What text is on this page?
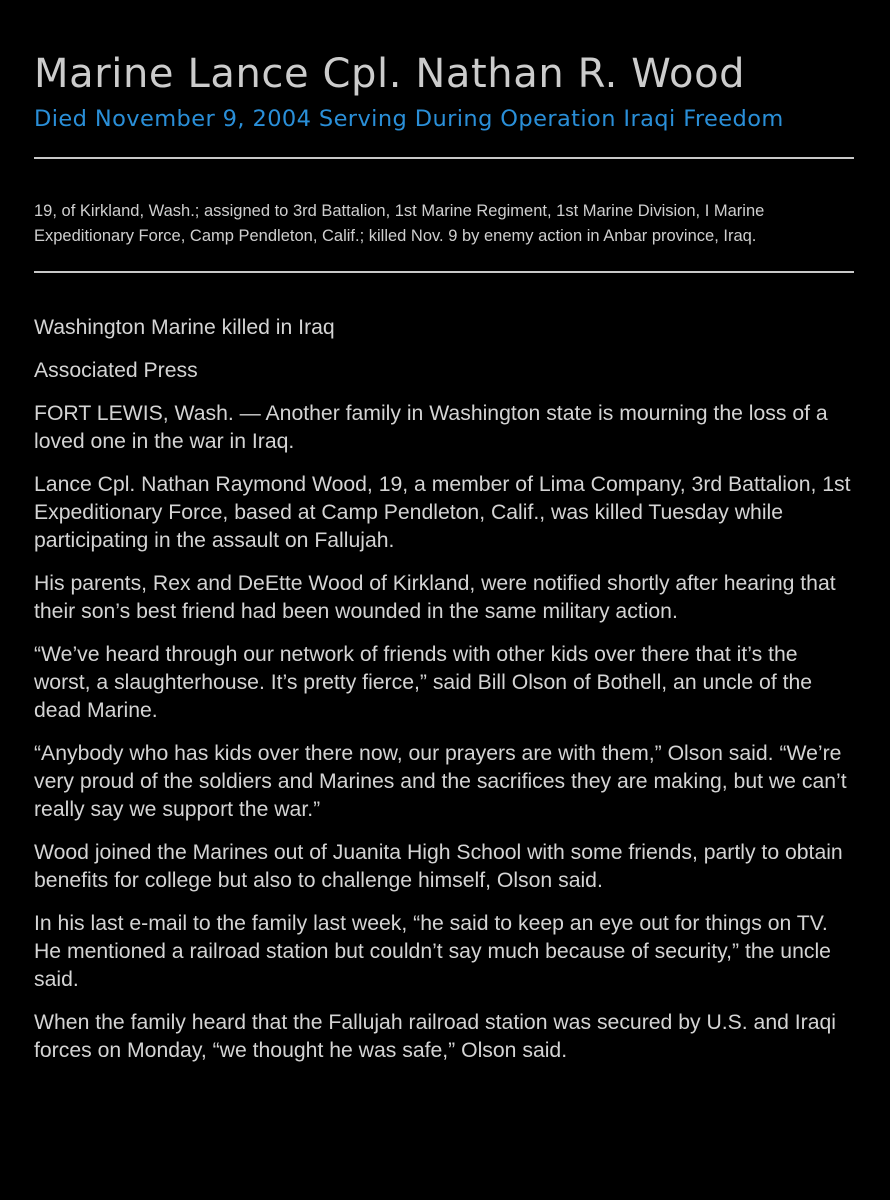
Marine Lance Cpl. Nathan R. Wood
Died November 9, 2004 Serving During Operation Iraqi Freedom

19, of Kirkland, Wash.; assigned to 3rd Battalion, 1st Marine Regiment, 1st Marine Division, I Marine Expeditionary Force, Camp Pendleton, Calif.; killed Nov. 9 by enemy action in Anbar province, Iraq.

Washington Marine killed in Iraq

Associated Press

FORT LEWIS, Wash. — Another family in Washington state is mourning the loss of a loved one in the war in Iraq.

Lance Cpl. Nathan Raymond Wood, 19, a member of Lima Company, 3rd Battalion, 1st Expeditionary Force, based at Camp Pendleton, Calif., was killed Tuesday while participating in the assault on Fallujah.

His parents, Rex and DeEtte Wood of Kirkland, were notified shortly after hearing that their son’s best friend had been wounded in the same military action.

“We’ve heard through our network of friends with other kids over there that it’s the worst, a slaughterhouse. It’s pretty fierce,” said Bill Olson of Bothell, an uncle of the dead Marine.

“Anybody who has kids over there now, our prayers are with them,” Olson said. “We’re very proud of the soldiers and Marines and the sacrifices they are making, but we can’t really say we support the war.”

Wood joined the Marines out of Juanita High School with some friends, partly to obtain benefits for college but also to challenge himself, Olson said.

In his last e-mail to the family last week, “he said to keep an eye out for things on TV. He mentioned a railroad station but couldn’t say much because of security,” the uncle said.

When the family heard that the Fallujah railroad station was secured by U.S. and Iraqi forces on Monday, “we thought he was safe,” Olson said.
